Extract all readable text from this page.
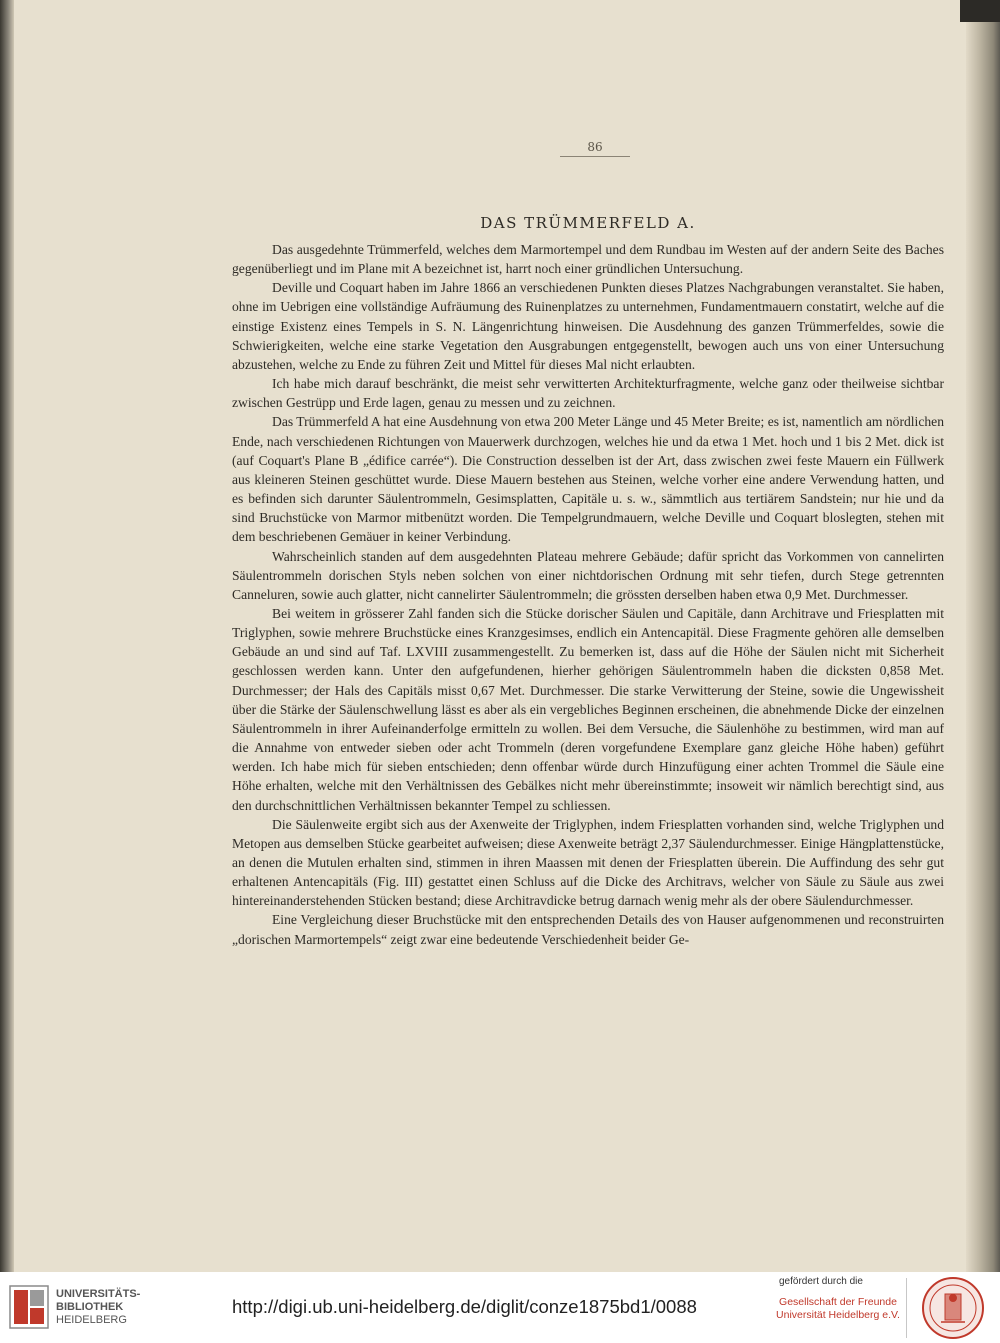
86
DAS TRÜMMERFELD A.

Das ausgedehnte Trümmerfeld, welches dem Marmortempel und dem Rundbau im Westen auf der andern Seite des Baches gegenüberliegt und im Plane mit A bezeichnet ist, harrt noch einer gründlichen Untersuchung.

Deville und Coquart haben im Jahre 1866 an verschiedenen Punkten dieses Platzes Nachgrabungen veranstaltet. Sie haben, ohne im Uebrigen eine vollständige Aufräumung des Ruinenplatzes zu unternehmen, Fundamentmauern constatirt, welche auf die einstige Existenz eines Tempels in S. N. Längenrichtung hinweisen. Die Ausdehnung des ganzen Trümmerfeldes, sowie die Schwierigkeiten, welche eine starke Vegetation den Ausgrabungen entgegenstellt, bewogen auch uns von einer Untersuchung abzustehen, welche zu Ende zu führen Zeit und Mittel für dieses Mal nicht erlaubten.

Ich habe mich darauf beschränkt, die meist sehr verwitterten Architekturfragmente, welche ganz oder theilweise sichtbar zwischen Gestrüpp und Erde lagen, genau zu messen und zu zeichnen.

Das Trümmerfeld A hat eine Ausdehnung von etwa 200 Meter Länge und 45 Meter Breite; es ist, namentlich am nördlichen Ende, nach verschiedenen Richtungen von Mauerwerk durchzogen, welches hie und da etwa 1 Met. hoch und 1 bis 2 Met. dick ist (auf Coquart's Plane B „édifice carrée“). Die Construction desselben ist der Art, dass zwischen zwei feste Mauern ein Füllwerk aus kleineren Steinen geschüttet wurde. Diese Mauern bestehen aus Steinen, welche vorher eine andere Verwendung hatten, und es befinden sich darunter Säulentrommeln, Gesimsplatten, Capitäle u. s. w., sämmtlich aus tertiärem Sandstein; nur hie und da sind Bruchstücke von Marmor mitbenützt worden. Die Tempelgrundmauern, welche Deville und Coquart bloslegten, stehen mit dem beschriebenen Gemäuer in keiner Verbindung.

Wahrscheinlich standen auf dem ausgedehnten Plateau mehrere Gebäude; dafür spricht das Vorkommen von cannelirten Säulentrommeln dorischen Styls neben solchen von einer nichtdorischen Ordnung mit sehr tiefen, durch Stege getrennten Canneluren, sowie auch glatter, nicht cannelirter Säulentrommeln; die grössten derselben haben etwa 0,9 Met. Durchmesser.

Bei weitem in grösserer Zahl fanden sich die Stücke dorischer Säulen und Capitäle, dann Architrave und Friesplatten mit Triglyphen, sowie mehrere Bruchstücke eines Kranzgesimses, endlich ein Antencapitäl. Diese Fragmente gehören alle demselben Gebäude an und sind auf Taf. LXVIII zusammengestellt. Zu bemerken ist, dass auf die Höhe der Säulen nicht mit Sicherheit geschlossen werden kann. Unter den aufgefundenen, hierher gehörigen Säulentrommeln haben die dicksten 0,858 Met. Durchmesser; der Hals des Capitäls misst 0,67 Met. Durchmesser. Die starke Verwitterung der Steine, sowie die Ungewissheit über die Stärke der Säulenschwellung lässt es aber als ein vergebliches Beginnen erscheinen, die abnehmende Dicke der einzelnen Säulentrommeln in ihrer Aufeinanderfolge ermitteln zu wollen. Bei dem Versuche, die Säulenhöhe zu bestimmen, wird man auf die Annahme von entweder sieben oder acht Trommeln (deren vorgefundene Exemplare ganz gleiche Höhe haben) geführt werden. Ich habe mich für sieben entschieden; denn offenbar würde durch Hinzufügung einer achten Trommel die Säule eine Höhe erhalten, welche mit den Verhältnissen des Gebälkes nicht mehr übereinstimmte; insoweit wir nämlich berechtigt sind, aus den durchschnittlichen Verhältnissen bekannter Tempel zu schliessen.

Die Säulenweite ergibt sich aus der Axenweite der Triglyphen, indem Friesplatten vorhanden sind, welche Triglyphen und Metopen aus demselben Stücke gearbeitet aufweisen; diese Axenweite beträgt 2,37 Säulendurchmesser. Einige Hängplattenstücke, an denen die Mutulen erhalten sind, stimmen in ihren Maassen mit denen der Friesplatten überein. Die Auffindung des sehr gut erhaltenen Antencapitäls (Fig. III) gestattet einen Schluss auf die Dicke des Architravs, welcher von Säule zu Säule aus zwei hintereinanderstehenden Stücken bestand; diese Architravdicke betrug darnach wenig mehr als der obere Säulendurchmesser.

Eine Vergleichung dieser Bruchstücke mit den entsprechenden Details des von Hauser aufgenommenen und reconstruirten „dorischen Marmortempels“ zeigt zwar eine bedeutende Verschiedenheit beider Ge-

UNIVERSITÄTS-
BIBLIOTHEK
HEIDELBERG
http://digi.ub.uni-heidelberg.de/diglit/conze1875bd1/0088
gefördert durch die
Gesellschaft der Freunde
Universität Heidelberg e.V.
